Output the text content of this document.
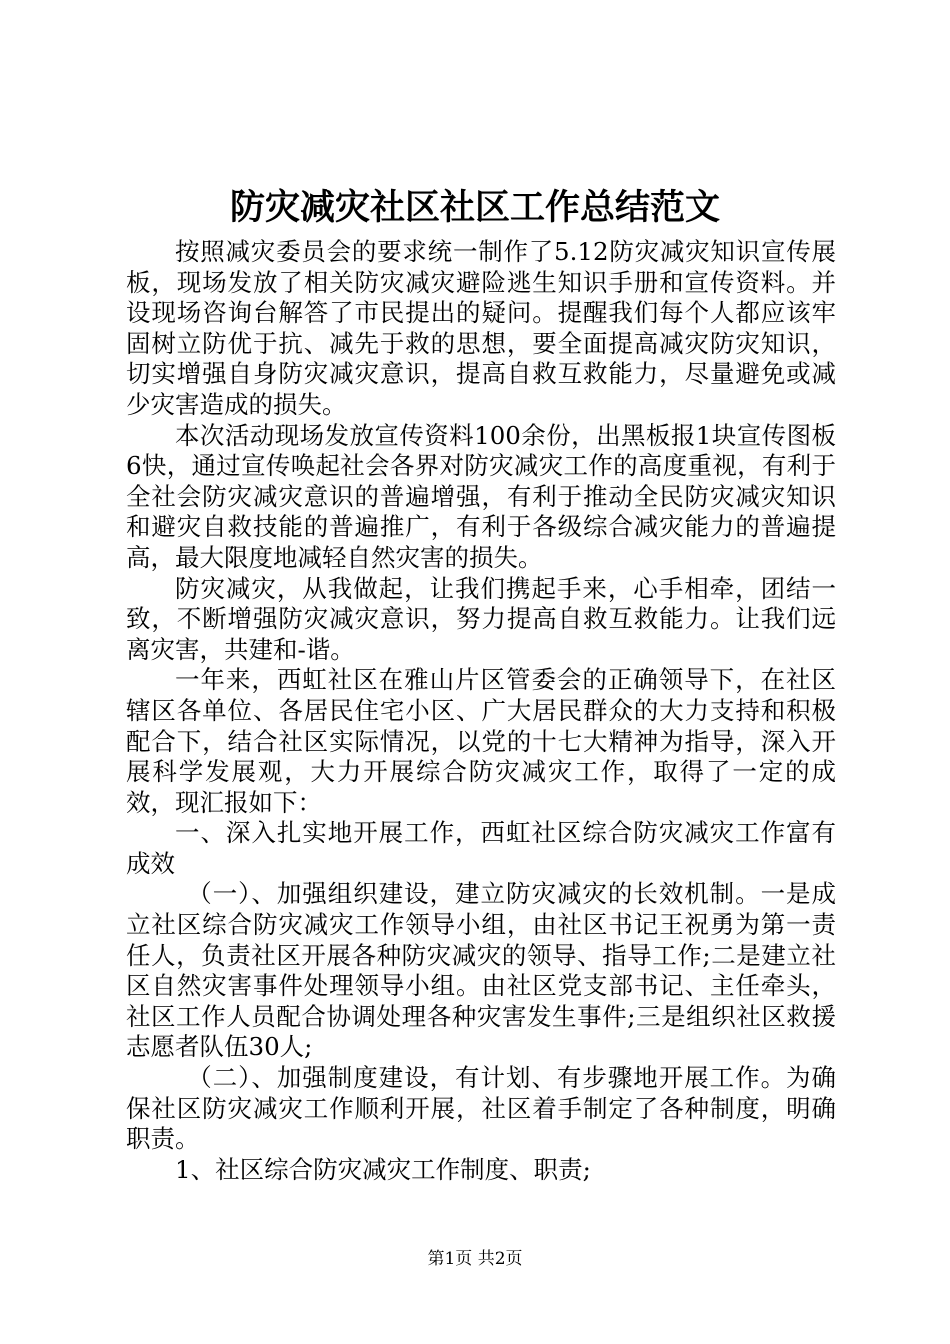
防灾减灾社区社区工作总结范文

按照减灾委员会的要求统一制作了5.12防灾减灾知识宣传展板，现场发放了相关防灾减灾避险逃生知识手册和宣传资料。并设现场咨询台解答了市民提出的疑问。提醒我们每个人都应该牢固树立防优于抗、减先于救的思想，要全面提高减灾防灾知识，切实增强自身防灾减灾意识，提高自救互救能力，尽量避免或减少灾害造成的损失。

本次活动现场发放宣传资料100余份，出黑板报1块宣传图板6快，通过宣传唤起社会各界对防灾减灾工作的高度重视，有利于全社会防灾减灾意识的普遍增强，有利于推动全民防灾减灾知识和避灾自救技能的普遍推广，有利于各级综合减灾能力的普遍提高，最大限度地减轻自然灾害的损失。

防灾减灾，从我做起，让我们携起手来，心手相牵，团结一致，不断增强防灾减灾意识，努力提高自救互救能力。让我们远离灾害，共建和-谐。

一年来，西虹社区在雅山片区管委会的正确领导下，在社区辖区各单位、各居民住宅小区、广大居民群众的大力支持和积极配合下，结合社区实际情况，以党的十七大精神为指导，深入开展科学发展观，大力开展综合防灾减灾工作，取得了一定的成效，现汇报如下：

一、深入扎实地开展工作，西虹社区综合防灾减灾工作富有成效

（一）、加强组织建设，建立防灾减灾的长效机制。一是成立社区综合防灾减灾工作领导小组，由社区书记王祝勇为第一责任人，负责社区开展各种防灾减灾的领导、指导工作;二是建立社区自然灾害事件处理领导小组。由社区党支部书记、主任牵头，社区工作人员配合协调处理各种灾害发生事件;三是组织社区救援志愿者队伍30人;

（二）、加强制度建设，有计划、有步骤地开展工作。为确保社区防灾减灾工作顺利开展，社区着手制定了各种制度，明确职责。

1、社区综合防灾减灾工作制度、职责;

第1页 共2页
